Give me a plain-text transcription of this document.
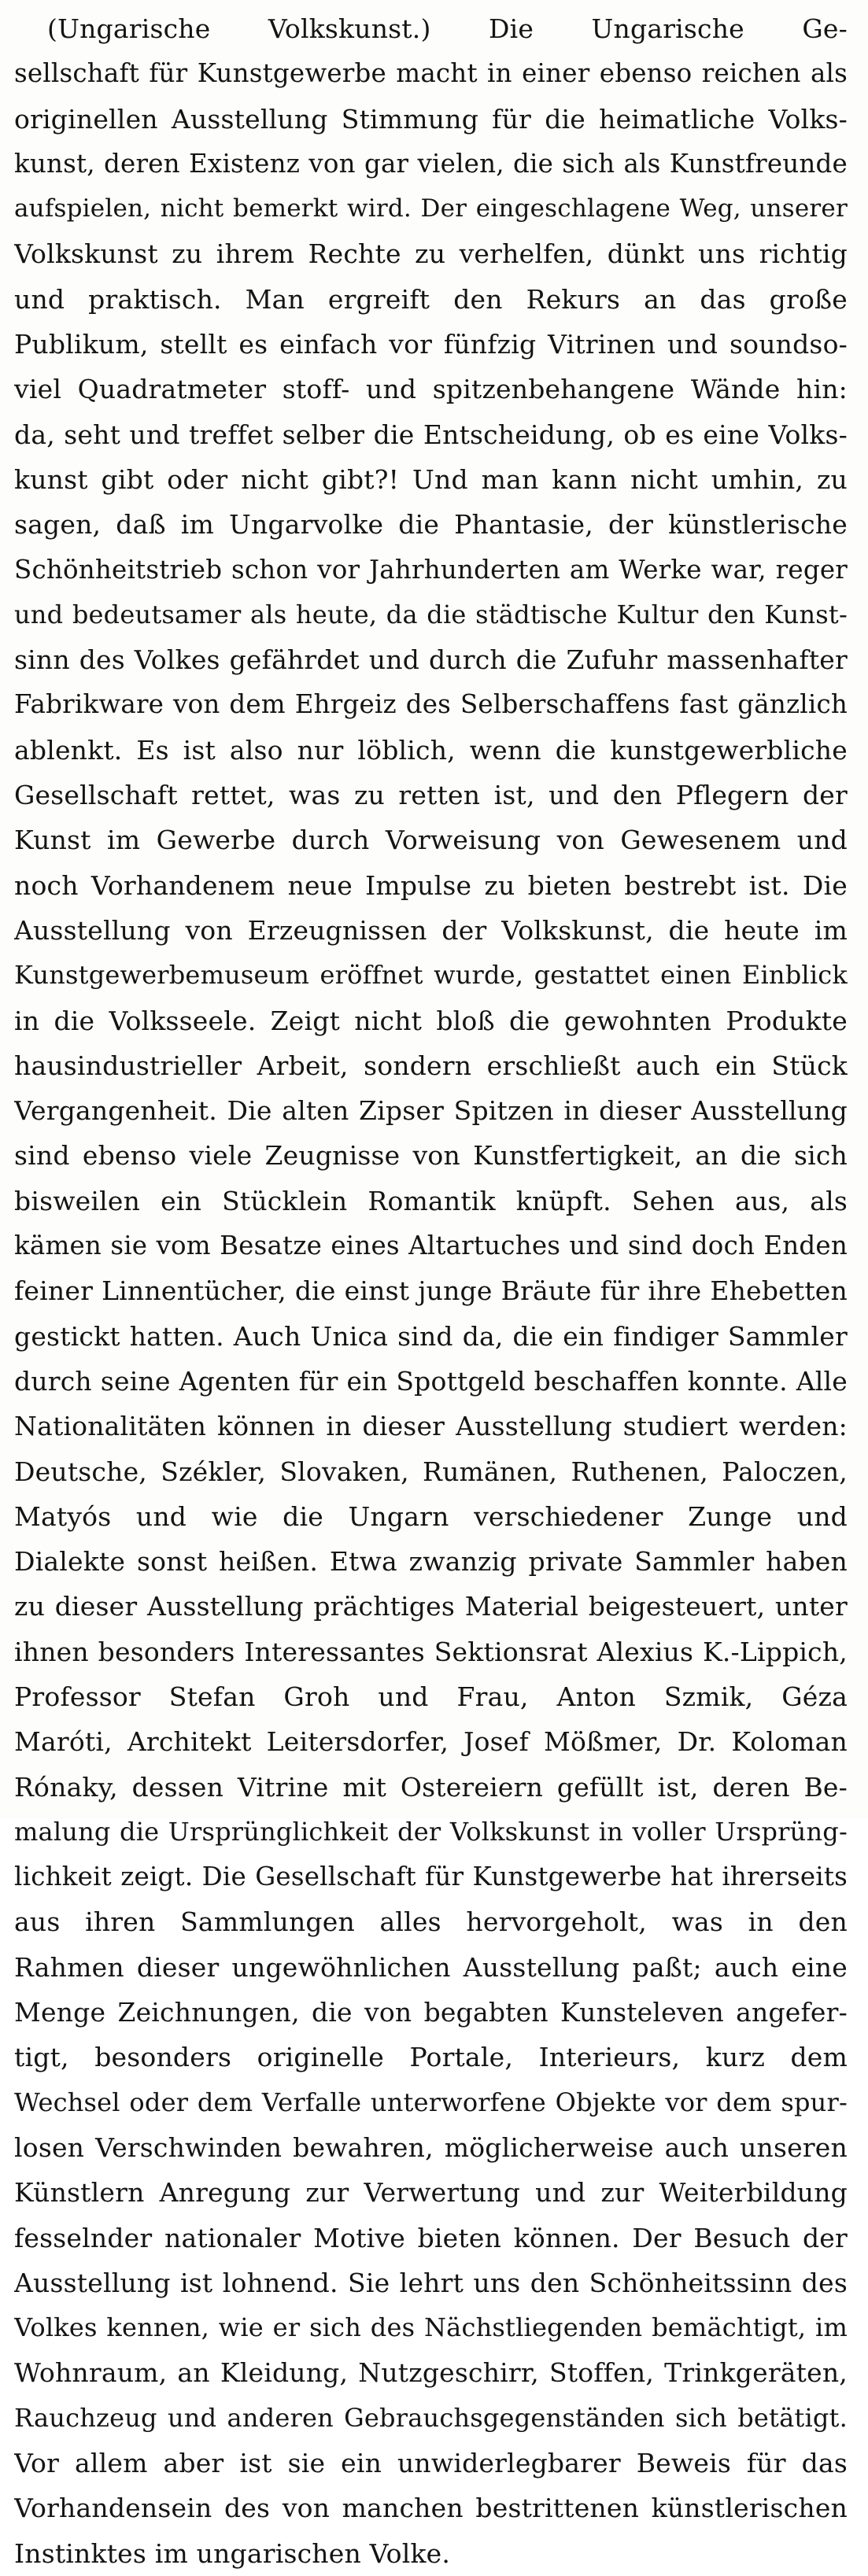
(Ungarische Volkskunst.) Die Ungarische Ge-
sellschaft für Kunstgewerbe macht in einer ebenso reichen als
originellen Ausstellung Stimmung für die heimatliche Volks-
kunst, deren Existenz von gar vielen, die sich als Kunstfreunde
aufspielen, nicht bemerkt wird. Der eingeschlagene Weg, unserer
Volkskunst zu ihrem Rechte zu verhelfen, dünkt uns richtig
und praktisch. Man ergreift den Rekurs an das große
Publikum, stellt es einfach vor fünfzig Vitrinen und soundso-
viel Quadratmeter stoff- und spitzenbehangene Wände hin:
da, seht und treffet selber die Entscheidung, ob es eine Volks-
kunst gibt oder nicht gibt?! Und man kann nicht umhin, zu
sagen, daß im Ungarvolke die Phantasie, der künstlerische
Schönheitstrieb schon vor Jahrhunderten am Werke war, reger
und bedeutsamer als heute, da die städtische Kultur den Kunst-
sinn des Volkes gefährdet und durch die Zufuhr massenhafter
Fabrikware von dem Ehrgeiz des Selberschaffens fast gänzlich
ablenkt. Es ist also nur löblich, wenn die kunstgewerbliche
Gesellschaft rettet, was zu retten ist, und den Pflegern der
Kunst im Gewerbe durch Vorweisung von Gewesenem und
noch Vorhandenem neue Impulse zu bieten bestrebt ist. Die
Ausstellung von Erzeugnissen der Volkskunst, die heute im
Kunstgewerbemuseum eröffnet wurde, gestattet einen Einblick
in die Volksseele. Zeigt nicht bloß die gewohnten Produkte
hausindustrieller Arbeit, sondern erschließt auch ein Stück
Vergangenheit. Die alten Zipser Spitzen in dieser Ausstellung
sind ebenso viele Zeugnisse von Kunstfertigkeit, an die sich
bisweilen ein Stücklein Romantik knüpft. Sehen aus, als
kämen sie vom Besatze eines Altartuches und sind doch Enden
feiner Linnentücher, die einst junge Bräute für ihre Ehebetten
gestickt hatten. Auch Unica sind da, die ein findiger Sammler
durch seine Agenten für ein Spottgeld beschaffen konnte. Alle
Nationalitäten können in dieser Ausstellung studiert werden:
Deutsche, Székler, Slovaken, Rumänen, Ruthenen, Paloczen,
Matyós und wie die Ungarn verschiedener Zunge und
Dialekte sonst heißen. Etwa zwanzig private Sammler haben
zu dieser Ausstellung prächtiges Material beigesteuert, unter
ihnen besonders Interessantes Sektionsrat Alexius K.-Lippich,
Professor Stefan Groh und Frau, Anton Szmik, Géza
Maróti, Architekt Leitersdorfer, Josef Mößmer, Dr. Koloman
Rónaky, dessen Vitrine mit Ostereiern gefüllt ist, deren Be-
malung die Ursprünglichkeit der Volkskunst in voller Ursprüng-
lichkeit zeigt. Die Gesellschaft für Kunstgewerbe hat ihrerseits
aus ihren Sammlungen alles hervorgeholt, was in den
Rahmen dieser ungewöhnlichen Ausstellung paßt; auch eine
Menge Zeichnungen, die von begabten Kunsteleven angefer-
tigt, besonders originelle Portale, Interieurs, kurz dem
Wechsel oder dem Verfalle unterworfene Objekte vor dem spur-
losen Verschwinden bewahren, möglicherweise auch unseren
Künstlern Anregung zur Verwertung und zur Weiterbildung
fesselnder nationaler Motive bieten können. Der Besuch der
Ausstellung ist lohnend. Sie lehrt uns den Schönheitssinn des
Volkes kennen, wie er sich des Nächstliegenden bemächtigt, im
Wohnraum, an Kleidung, Nutzgeschirr, Stoffen, Trinkgeräten,
Rauchzeug und anderen Gebrauchsgegenständen sich betätigt.
Vor allem aber ist sie ein unwiderlegbarer Beweis für das
Vorhandensein des von manchen bestrittenen künstlerischen
Instinktes im ungarischen Volke.
